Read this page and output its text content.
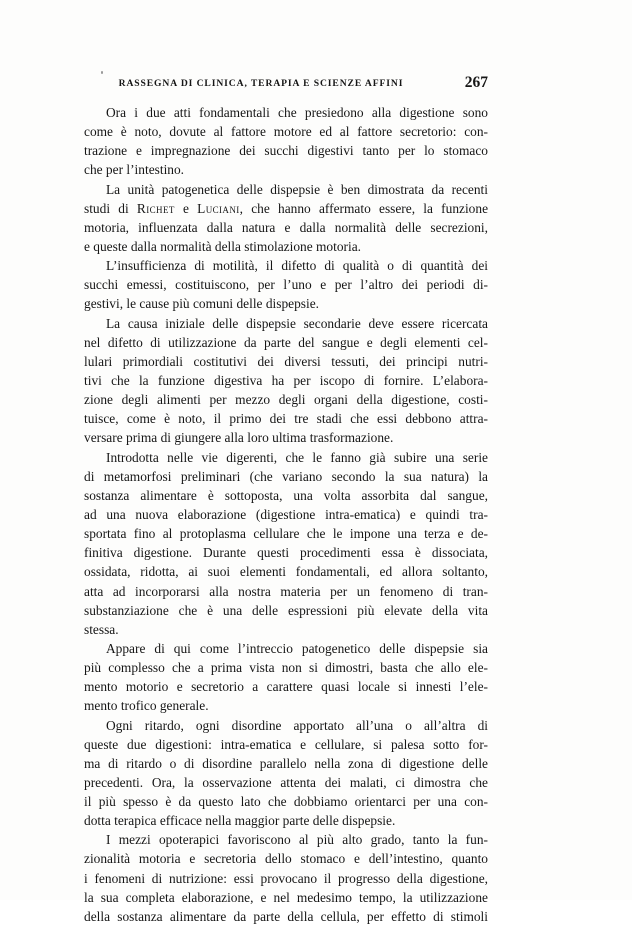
RASSEGNA DI CLINICA, TERAPIA E SCIENZE AFFINI	267
Ora i due atti fondamentali che presiedono alla digestione sono
come è noto, dovute al fattore motore ed al fattore secretorio: con-
trazione e impregnazione dei succhi digestivi tanto per lo stomaco
che per l’intestino.
La unità patogenetica delle dispepsie è ben dimostrata da recenti
studi di Richet e Luciani, che hanno affermato essere, la funzione
motoria, influenzata dalla natura e dalla normalità delle secrezioni,
e queste dalla normalità della stimolazione motoria.
L’insufficienza di motilità, il difetto di qualità o di quantità dei
succhi emessi, costituiscono, per l’uno e per l’altro dei periodi di-
gestivi, le cause più comuni delle dispepsie.
La causa iniziale delle dispepsie secondarie deve essere ricercata
nel difetto di utilizzazione da parte del sangue e degli elementi cel-
lulari primordiali costitutivi dei diversi tessuti, dei principi nutri-
tivi che la funzione digestiva ha per iscopo di fornire. L’elabora-
zione degli alimenti per mezzo degli organi della digestione, costi-
tuisce, come è noto, il primo dei tre stadi che essi debbono attra-
versare prima di giungere alla loro ultima trasformazione.
Introdotta nelle vie digerenti, che le fanno già subire una serie
di metamorfosi preliminari (che variano secondo la sua natura) la
sostanza alimentare è sottoposta, una volta assorbita dal sangue,
ad una nuova elaborazione (digestione intra-ematica) e quindi tra-
sportata fino al protoplasma cellulare che le impone una terza e de-
finitiva digestione. Durante questi procedimenti essa è dissociata,
ossidata, ridotta, ai suoi elementi fondamentali, ed allora soltanto,
atta ad incorporarsi alla nostra materia per un fenomeno di tran-
substanziazione che è una delle espressioni più elevate della vita
stessa.
Appare di qui come l’intreccio patogenetico delle dispepsie sia
più complesso che a prima vista non si dimostri, basta che allo ele-
mento motorio e secretorio a carattere quasi locale si innesti l’ele-
mento trofico generale.
Ogni ritardo, ogni disordine apportato all’una o all’altra di
queste due digestioni: intra-ematica e cellulare, si palesa sotto for-
ma di ritardo o di disordine parallelo nella zona di digestione delle
precedenti. Ora, la osservazione attenta dei malati, ci dimostra che
il più spesso è da questo lato che dobbiamo orientarci per una con-
dotta terapica efficace nella maggior parte delle dispepsie.
I mezzi opoterapici favoriscono al più alto grado, tanto la fun-
zionalità motoria e secretoria dello stomaco e dell’intestino, quanto
i fenomeni di nutrizione: essi provocano il progresso della digestione,
la sua completa elaborazione, e nel medesimo tempo, la utilizzazione
della sostanza alimentare da parte della cellula, per effetto di stimoli
